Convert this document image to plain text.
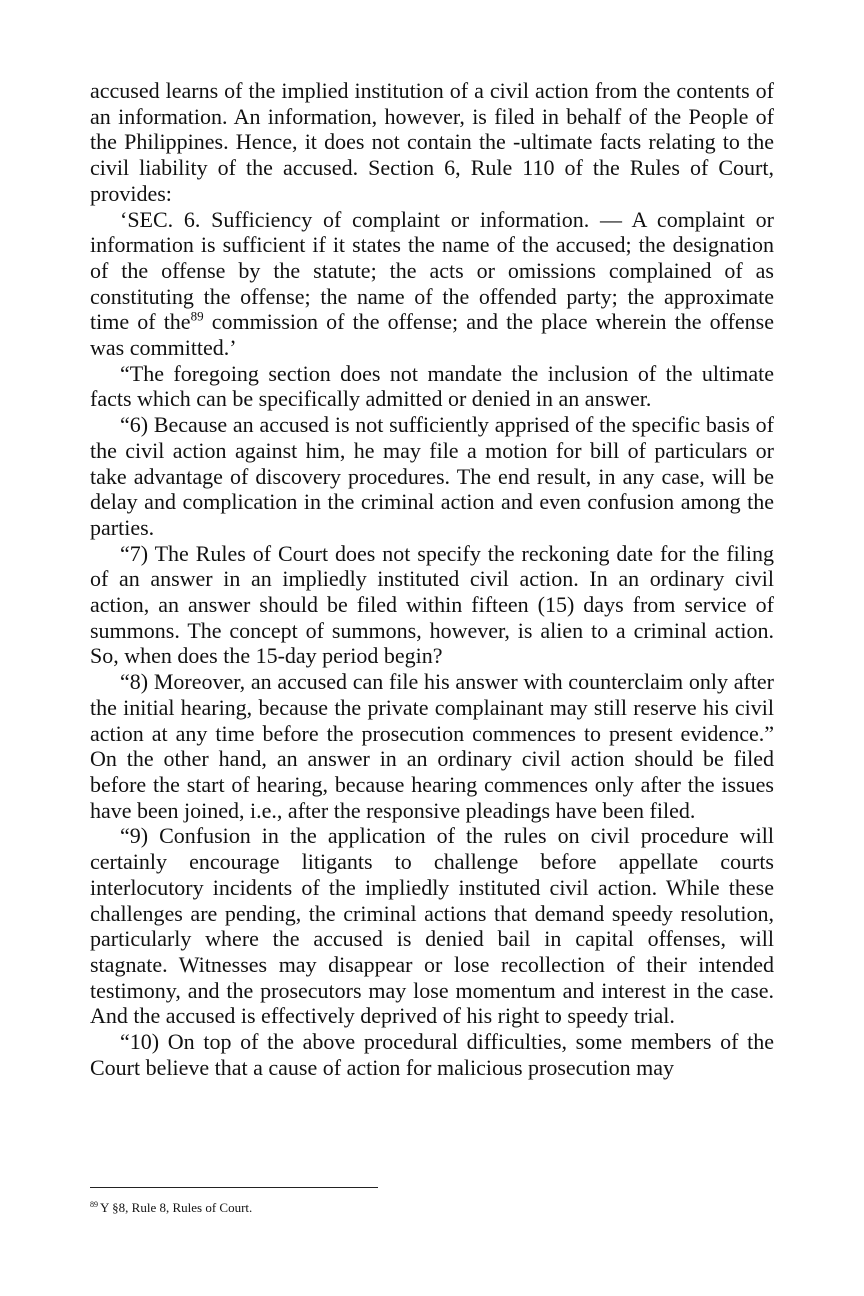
accused learns of the implied institution of a civil action from the contents of an information. An information, however, is filed in behalf of the People of the Philippines. Hence, it does not contain the -ultimate facts relating to the civil liability of the accused. Section 6, Rule 110 of the Rules of Court, provides:

‘SEC. 6. Sufficiency of complaint or information. — A complaint or information is sufficient if it states the name of the accused; the designation of the offense by the statute; the acts or omissions complained of as constituting the offense; the name of the offended party; the approximate time of the$^{89}$ commission of the offense; and the place wherein the offense was committed.’

“The foregoing section does not mandate the inclusion of the ultimate facts which can be specifically admitted or denied in an answer.

“6) Because an accused is not sufficiently apprised of the specific basis of the civil action against him, he may file a motion for bill of particulars or take advantage of discovery procedures. The end result, in any case, will be delay and complication in the criminal action and even confusion among the parties.

“7) The Rules of Court does not specify the reckoning date for the filing of an answer in an impliedly instituted civil action. In an ordinary civil action, an answer should be filed within fifteen (15) days from service of summons. The concept of summons, however, is alien to a criminal action. So, when does the 15-day period begin?

“8) Moreover, an accused can file his answer with counterclaim only after the initial hearing, because the private complainant may still reserve his civil action at any time before the prosecution commences to present evidence.” On the other hand, an answer in an ordinary civil action should be filed before the start of hearing, because hearing commences only after the issues have been joined, i.e., after the responsive pleadings have been filed.

“9) Confusion in the application of the rules on civil procedure will certainly encourage litigants to challenge before appellate courts interlocutory incidents of the impliedly instituted civil action. While these challenges are pending, the criminal actions that demand speedy resolution, particularly where the accused is denied bail in capital offenses, will stagnate. Witnesses may disappear or lose recollection of their intended testimony, and the prosecutors may lose momentum and interest in the case. And the accused is effectively deprived of his right to speedy trial.

“10) On top of the above procedural difficulties, some members of the Court believe that a cause of action for malicious prosecution may

$^{89}$ Y §8, Rule 8, Rules of Court.
